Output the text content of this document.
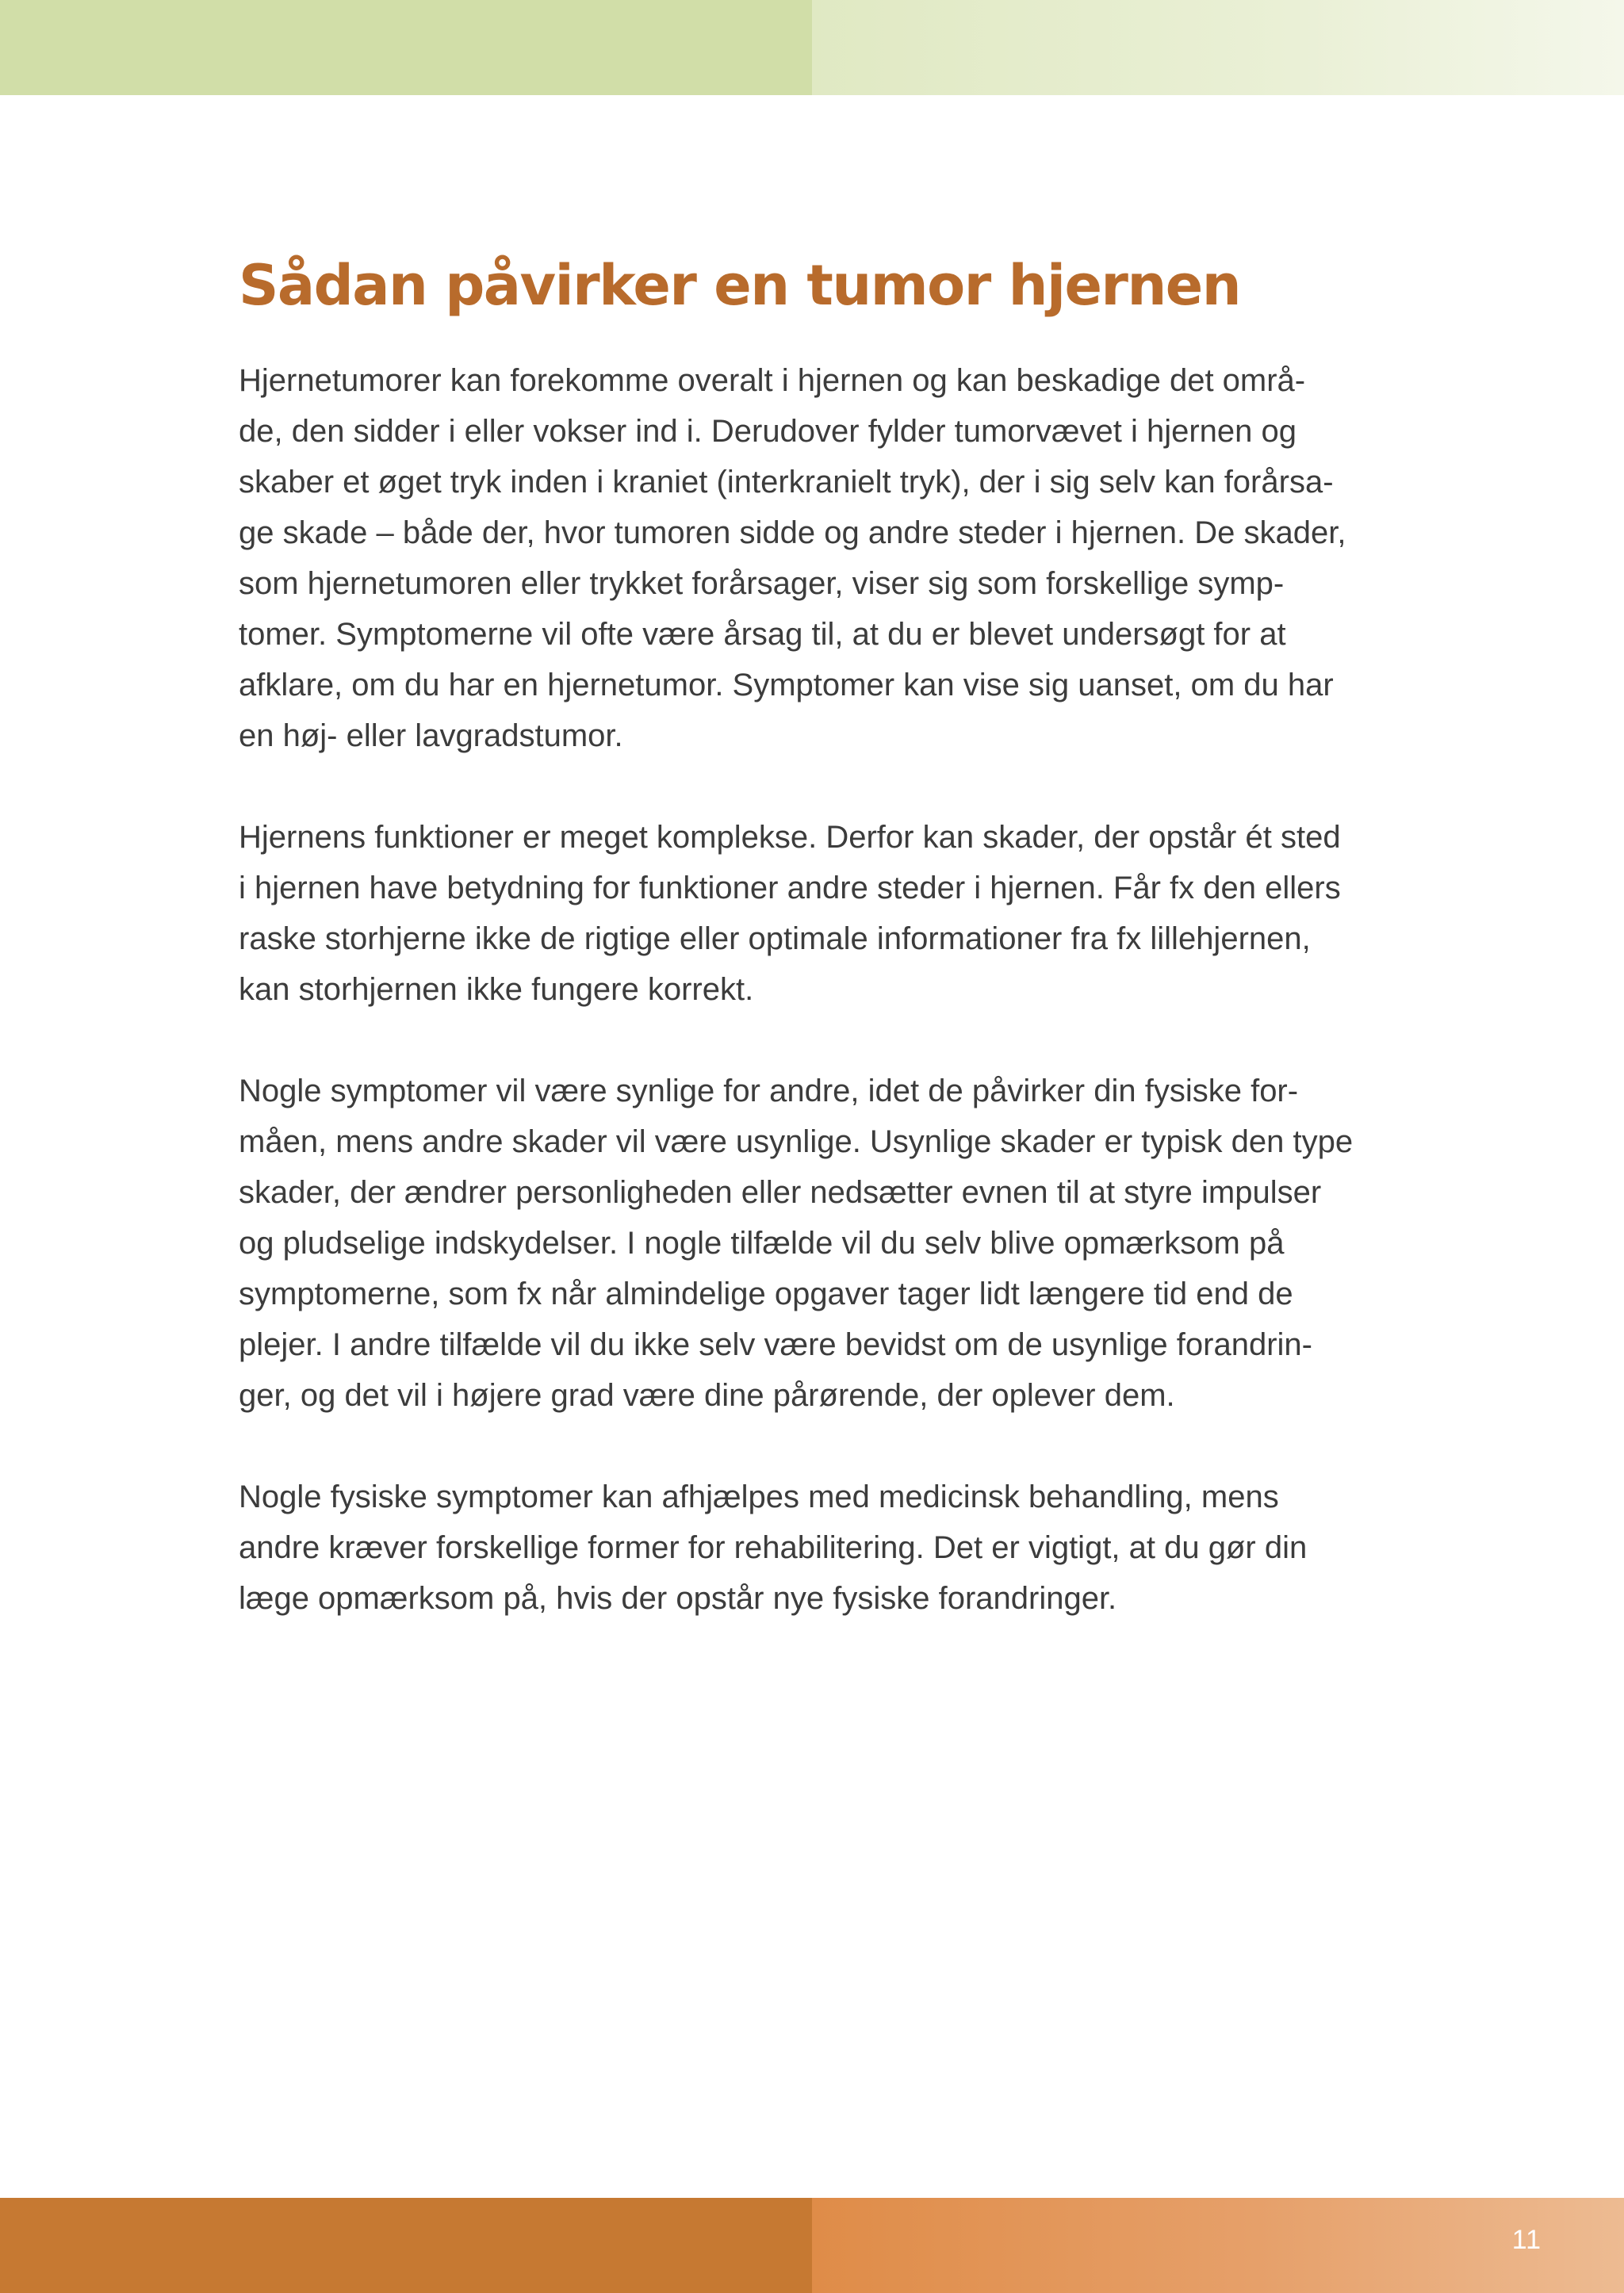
Sådan påvirker en tumor hjernen

Hjernetumorer kan forekomme overalt i hjernen og kan beskadige det områ-
de, den sidder i eller vokser ind i. Derudover fylder tumorvævet i hjernen og
skaber et øget tryk inden i kraniet (interkranielt tryk), der i sig selv kan forårsa-
ge skade – både der, hvor tumoren sidde og andre steder i hjernen. De skader,
som hjernetumoren eller trykket forårsager, viser sig som forskellige symp-
tomer. Symptomerne vil ofte være årsag til, at du er blevet undersøgt for at
afklare, om du har en hjernetumor. Symptomer kan vise sig uanset, om du har
en høj- eller lavgradstumor.

Hjernens funktioner er meget komplekse. Derfor kan skader, der opstår ét sted
i hjernen have betydning for funktioner andre steder i hjernen. Får fx den ellers
raske storhjerne ikke de rigtige eller optimale informationer fra fx lillehjernen,
kan storhjernen ikke fungere korrekt.

Nogle symptomer vil være synlige for andre, idet de påvirker din fysiske for-
måen, mens andre skader vil være usynlige. Usynlige skader er typisk den type
skader, der ændrer personligheden eller nedsætter evnen til at styre impulser
og pludselige indskydelser. I nogle tilfælde vil du selv blive opmærksom på
symptomerne, som fx når almindelige opgaver tager lidt længere tid end de
plejer. I andre tilfælde vil du ikke selv være bevidst om de usynlige forandrin-
ger, og det vil i højere grad være dine pårørende, der oplever dem.

Nogle fysiske symptomer kan afhjælpes med medicinsk behandling, mens
andre kræver forskellige former for rehabilitering. Det er vigtigt, at du gør din
læge opmærksom på, hvis der opstår nye fysiske forandringer.

11
